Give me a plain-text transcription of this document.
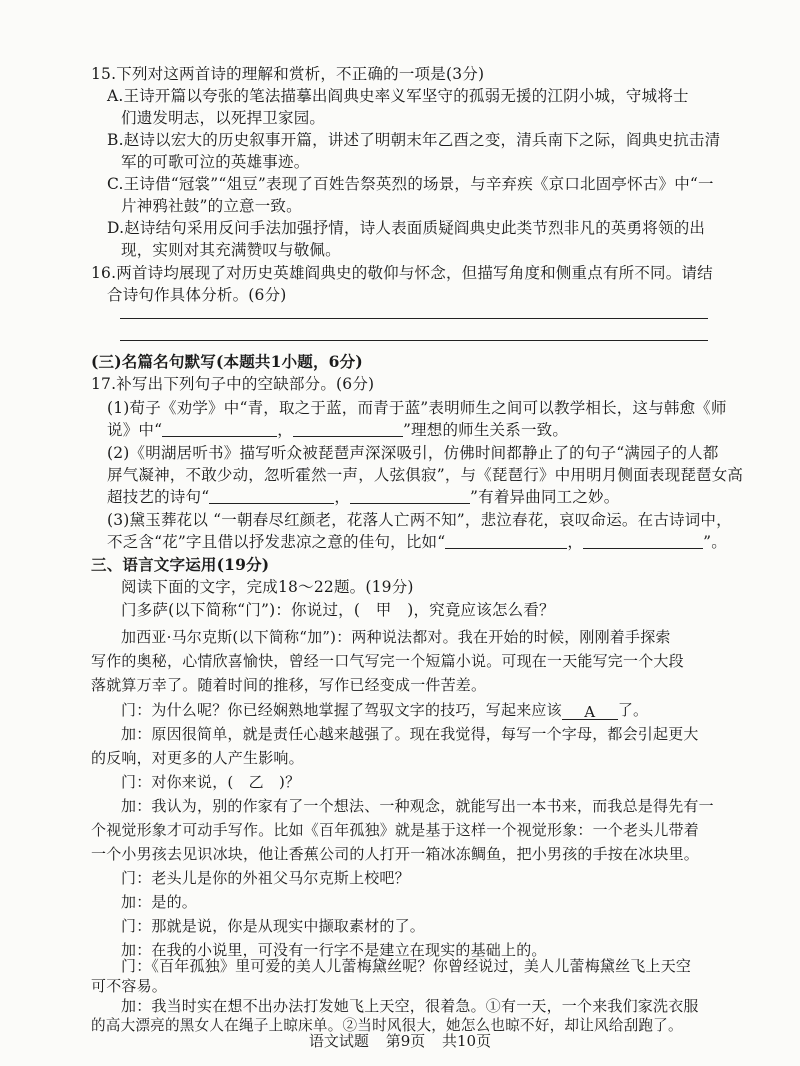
15.下列对这两首诗的理解和赏析，不正确的一项是(3分)
A.王诗开篇以夸张的笔法描摹出阎典史率义军坚守的孤弱无援的江阴小城，守城将士
们遗发明志，以死捍卫家园。
B.赵诗以宏大的历史叙事开篇，讲述了明朝末年乙酉之变，清兵南下之际，阎典史抗击清
军的可歌可泣的英雄事迹。
C.王诗借“冠裳”“俎豆”表现了百姓告祭英烈的场景，与辛弃疾《京口北固亭怀古》中“一
片神鸦社鼓”的立意一致。
D.赵诗结句采用反问手法加强抒情，诗人表面质疑阎典史此类节烈非凡的英勇将领的出
现，实则对其充满赞叹与敬佩。
16.两首诗均展现了对历史英雄阎典史的敬仰与怀念，但描写角度和侧重点有所不同。请结
合诗句作具体分析。(6分)
(三)名篇名句默写(本题共1小题，6分)
17.补写出下列句子中的空缺部分。(6分)
(1)荀子《劝学》中“青，取之于蓝，而青于蓝”表明师生之间可以教学相长，这与韩愈《师
说》中“	，	”理想的师生关系一致。
(2)《明湖居听书》描写听众被琵琶声深深吸引，仿佛时间都静止了的句子“满园子的人都
屏气凝神，不敢少动，忽听霍然一声，人弦俱寂”，与《琵琶行》中用明月侧面表现琵琶女高
超技艺的诗句“	，	”有着异曲同工之妙。
(3)黛玉葬花以 “一朝春尽红颜老，花落人亡两不知”，悲泣春花，哀叹命运。在古诗词中，
不乏含“花”字且借以抒发悲凉之意的佳句，比如“	，	”。
三、语言文字运用(19分)
阅读下面的文字，完成18～22题。(19分)
门多萨(以下简称“门”)：你说过，(　甲　)，究竟应该怎么看？
加西亚·马尔克斯(以下简称“加”)：两种说法都对。我在开始的时候，刚刚着手探索
写作的奥秘，心情欣喜愉快，曾经一口气写完一个短篇小说。可现在一天能写完一个大段
落就算万幸了。随着时间的推移，写作已经变成一件苦差。
门：为什么呢？你已经娴熟地掌握了驾驭文字的技巧，写起来应该 A 了。
加：原因很简单，就是责任心越来越强了。现在我觉得，每写一个字母，都会引起更大
的反响，对更多的人产生影响。
门：对你来说，(　乙　)？
加：我认为，别的作家有了一个想法、一种观念，就能写出一本书来，而我总是得先有一
个视觉形象才可动手写作。比如《百年孤独》就是基于这样一个视觉形象：一个老头儿带着
一个小男孩去见识冰块，他让香蕉公司的人打开一箱冰冻鲷鱼，把小男孩的手按在冰块里。
门：老头儿是你的外祖父马尔克斯上校吧？
加：是的。
门：那就是说，你是从现实中撷取素材的了。
加：在我的小说里，可没有一行字不是建立在现实的基础上的。
门：《百年孤独》里可爱的美人儿蕾梅黛丝呢？你曾经说过，美人儿蕾梅黛丝飞上天空
可不容易。
语文试题 第9页 共10页
加：我当时实在想不出办法打发她飞上天空，很着急。①有一天，一个来我们家洗衣服
的高大漂亮的黑女人在绳子上晾床单。②当时风很大，她怎么也晾不好，却让风给刮跑了。
